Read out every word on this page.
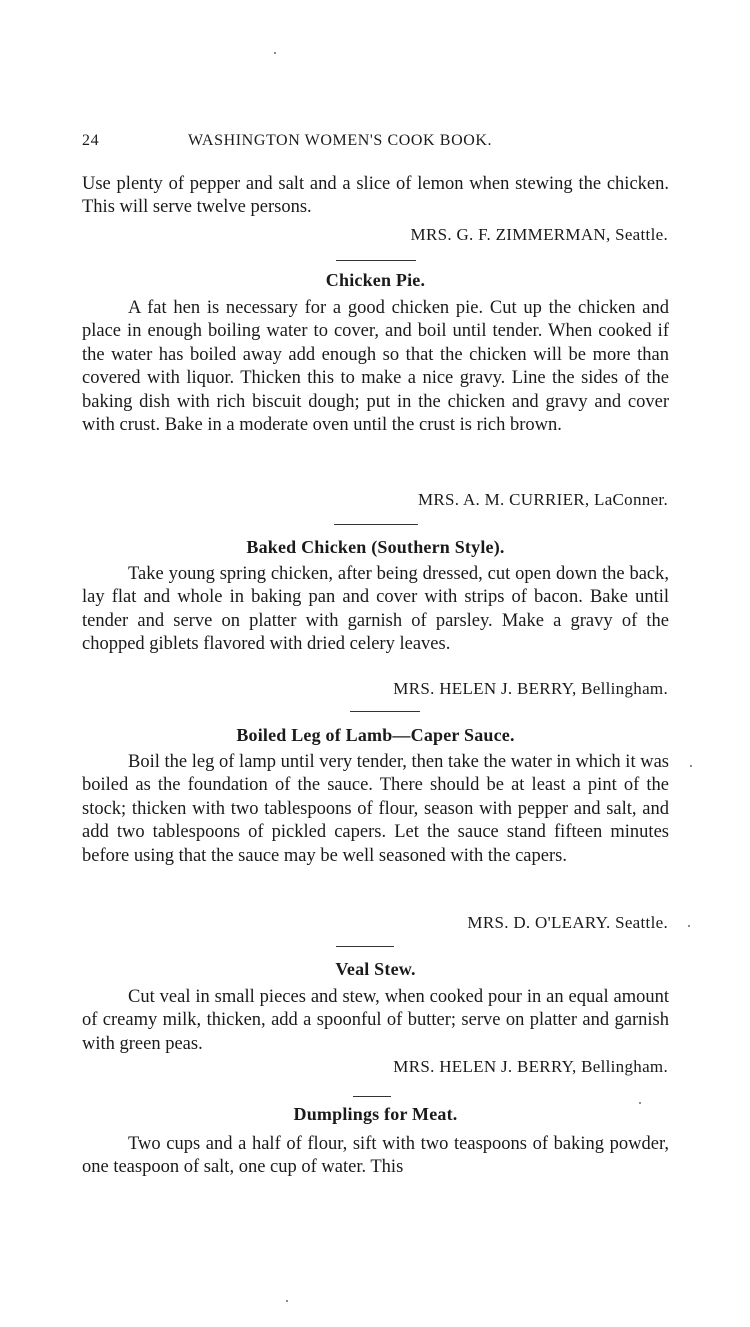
24	WASHINGTON WOMEN'S COOK BOOK.
Use plenty of pepper and salt and a slice of lemon when stewing the chicken. This will serve twelve persons.
MRS. G. F. ZIMMERMAN, Seattle.
Chicken Pie.
A fat hen is necessary for a good chicken pie. Cut up the chicken and place in enough boiling water to cover, and boil until tender. When cooked if the water has boiled away add enough so that the chicken will be more than covered with liquor. Thicken this to make a nice gravy. Line the sides of the baking dish with rich biscuit dough; put in the chicken and gravy and cover with crust. Bake in a moderate oven until the crust is rich brown.
MRS. A. M. CURRIER, LaConner.
Baked Chicken (Southern Style).
Take young spring chicken, after being dressed, cut open down the back, lay flat and whole in baking pan and cover with strips of bacon. Bake until tender and serve on platter with garnish of parsley. Make a gravy of the chopped giblets flavored with dried celery leaves.
MRS. HELEN J. BERRY, Bellingham.
Boiled Leg of Lamb—Caper Sauce.
Boil the leg of lamp until very tender, then take the water in which it was boiled as the foundation of the sauce. There should be at least a pint of the stock; thicken with two tablespoons of flour, season with pepper and salt, and add two tablespoons of pickled capers. Let the sauce stand fifteen minutes before using that the sauce may be well seasoned with the capers.
MRS. D. O'LEARY. Seattle.
Veal Stew.
Cut veal in small pieces and stew, when cooked pour in an equal amount of creamy milk, thicken, add a spoonful of butter; serve on platter and garnish with green peas.
MRS. HELEN J. BERRY, Bellingham.
Dumplings for Meat.
Two cups and a half of flour, sift with two teaspoons of baking powder, one teaspoon of salt, one cup of water. This
